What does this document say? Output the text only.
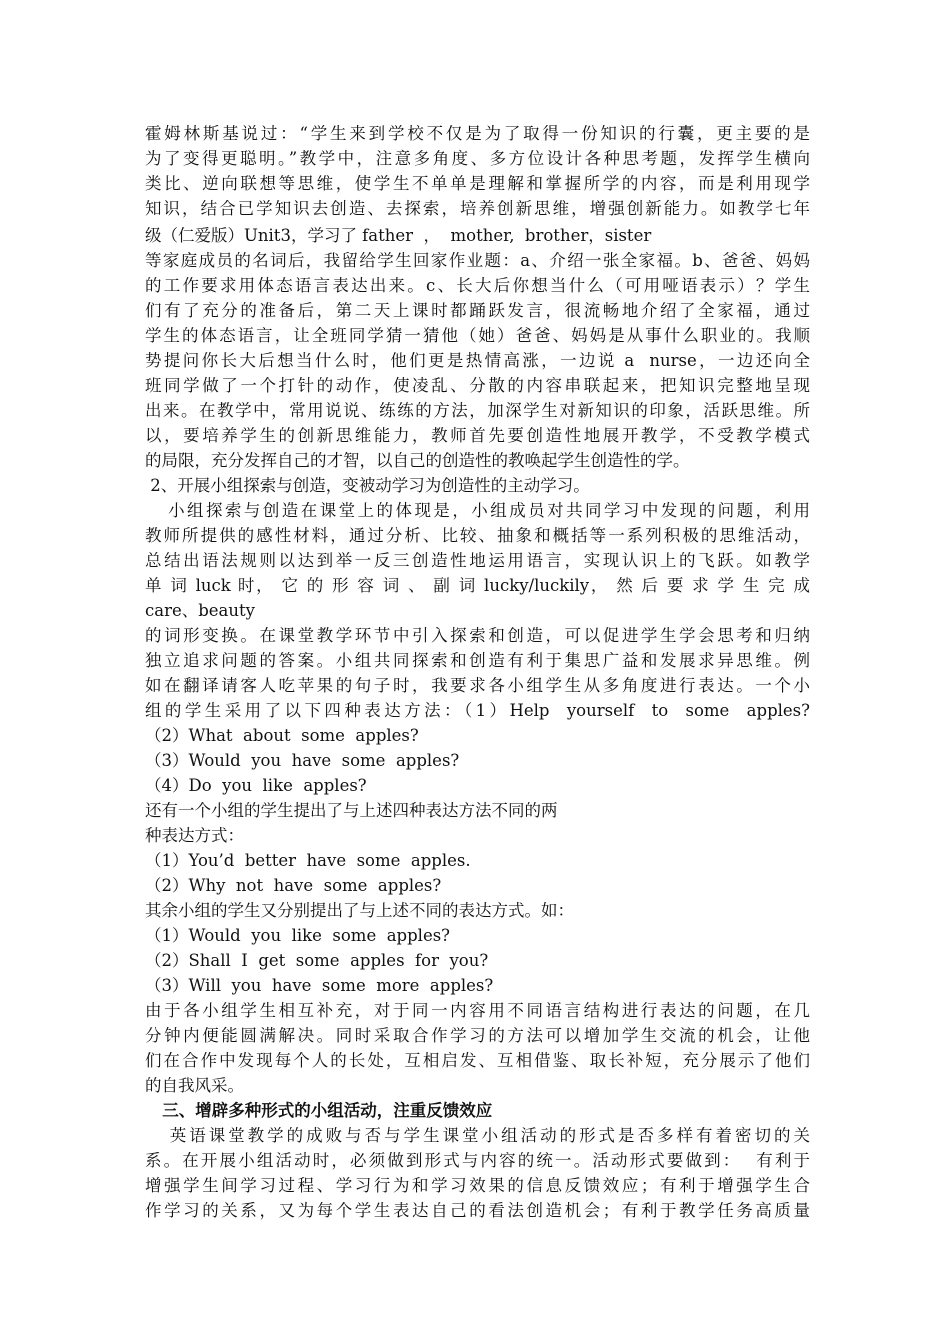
霍姆林斯基说过：“学生来到学校不仅是为了取得一份知识的行囊，更主要的是
为了变得更聪明。”教学中，注意多角度、多方位设计各种思考题，发挥学生横向
类比、逆向联想等思维，使学生不单单是理解和掌握所学的内容，而是利用现学
知识，结合已学知识去创造、去探索，培养创新思维，增强创新能力。如教学七年
级（仁爱版）Unit3，学习了 father  ，  mother,  brother，sister
等家庭成员的名词后，我留给学生回家作业题：a、介绍一张全家福。b、爸爸、妈妈
的工作要求用体态语言表达出来。c、长大后你想当什么（可用哑语表示）？学生
们有了充分的准备后，第二天上课时都踊跃发言，很流畅地介绍了全家福，通过
学生的体态语言，让全班同学猜一猜他（她）爸爸、妈妈是从事什么职业的。我顺
势提问你长大后想当什么时，他们更是热情高涨，一边说 a  nurse，一边还向全
班同学做了一个打针的动作，使凌乱、分散的内容串联起来，把知识完整地呈现
出来。在教学中，常用说说、练练的方法，加深学生对新知识的印象，活跃思维。所
以，要培养学生的创新思维能力，教师首先要创造性地展开教学，不受教学模式
的局限，充分发挥自己的才智，以自己的创造性的教唤起学生创造性的学。
2、开展小组探索与创造，变被动学习为创造性的主动学习。
小组探索与创造在课堂上的体现是，小组成员对共同学习中发现的问题，利用
教师所提供的感性材料，通过分析、比较、抽象和概括等一系列积极的思维活动，
总结出语法规则以达到举一反三创造性地运用语言，实现认识上的飞跃。如教学
单 词 luck 时， 它 的 形 容 词 、 副 词 lucky/luckily， 然 后 要 求 学 生 完 成
care、beauty
的词形变换。在课堂教学环节中引入探索和创造，可以促进学生学会思考和归纳
独立追求问题的答案。小组共同探索和创造有利于集思广益和发展求异思维。例
如在翻译请客人吃苹果的句子时，我要求各小组学生从多角度进行表达。一个小
组的学生采用了以下四种表达方法：（1）Help  yourself  to  some  apples?
（2）What  about  some  apples?
（3）Would  you  have  some  apples?
（4）Do  you  like  apples?
还有一个小组的学生提出了与上述四种表达方法不同的两
种表达方式：
（1）You’d  better  have  some  apples.
（2）Why  not  have  some  apples?
其余小组的学生又分别提出了与上述不同的表达方式。如：
（1）Would  you  like  some  apples?
（2）Shall  I  get  some  apples  for  you?
（3）Will  you  have  some  more  apples?
由于各小组学生相互补充，对于同一内容用不同语言结构进行表达的问题，在几
分钟内便能圆满解决。同时采取合作学习的方法可以增加学生交流的机会，让他
们在合作中发现每个人的长处，互相启发、互相借鉴、取长补短，充分展示了他们
的自我风采。
三、增辟多种形式的小组活动，注重反馈效应
英语课堂教学的成败与否与学生课堂小组活动的形式是否多样有着密切的关
系。在开展小组活动时，必须做到形式与内容的统一。活动形式要做到：  有利于
增强学生间学习过程、学习行为和学习效果的信息反馈效应；有利于增强学生合
作学习的关系，又为每个学生表达自己的看法创造机会；有利于教学任务高质量
